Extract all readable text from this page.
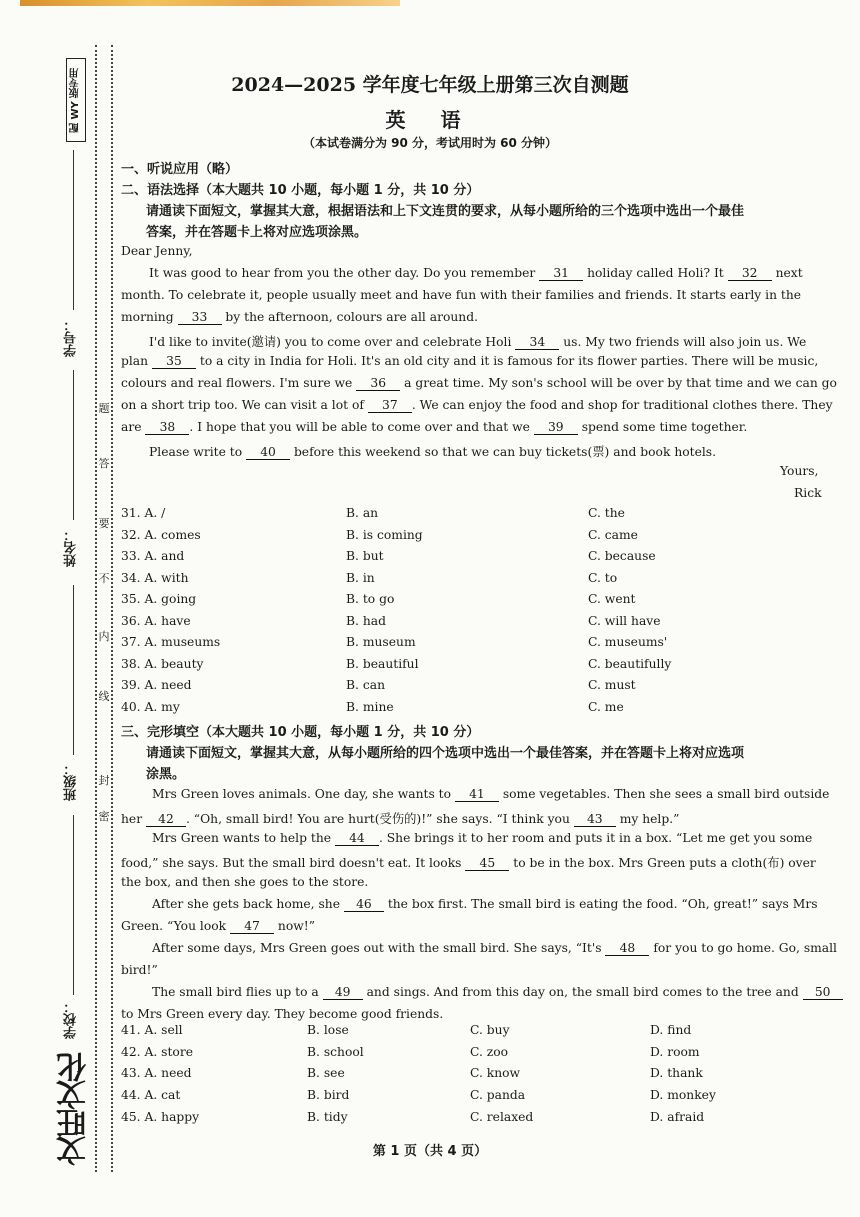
配 WY 版专用
学号：
姓名：
班级：
学校：
题
答
要
不
内
线
封
密
文旺文化
2024—2025 学年度七年级上册第三次自测题
英 语
（本试卷满分为 90 分，考试用时为 60 分钟）
一、听说应用（略）
二、语法选择（本大题共 10 小题，每小题 1 分，共 10 分）
请通读下面短文，掌握其大意，根据语法和上下文连贯的要求，从每小题所给的三个选项中选出一个最佳
答案，并在答题卡上将对应选项涂黑。
Dear Jenny,
It was good to hear from you the other day. Do you remember 31 holiday called Holi? It 32 next
month. To celebrate it, people usually meet and have fun with their families and friends. It starts early in the
morning 33 by the afternoon, colours are all around.
I'd like to invite(邀请) you to come over and celebrate Holi 34 us. My two friends will also join us. We
plan 35 to a city in India for Holi. It's an old city and it is famous for its flower parties. There will be music,
colours and real flowers. I'm sure we 36 a great time. My son's school will be over by that time and we can go
on a short trip too. We can visit a lot of 37 . We can enjoy the food and shop for traditional clothes there. They
are 38 . I hope that you will be able to come over and that we 39 spend some time together.
Please write to 40 before this weekend so that we can buy tickets(票) and book hotels.
Yours,
Rick
31. A. /	B. an	C. the
32. A. comes	B. is coming	C. came
33. A. and	B. but	C. because
34. A. with	B. in	C. to
35. A. going	B. to go	C. went
36. A. have	B. had	C. will have
37. A. museums	B. museum	C. museums'
38. A. beauty	B. beautiful	C. beautifully
39. A. need	B. can	C. must
40. A. my	B. mine	C. me
三、完形填空（本大题共 10 小题，每小题 1 分，共 10 分）
请通读下面短文，掌握其大意，从每小题所给的四个选项中选出一个最佳答案，并在答题卡上将对应选项
涂黑。
Mrs Green loves animals. One day, she wants to 41 some vegetables. Then she sees a small bird outside
her 42 . “Oh, small bird! You are hurt(受伤的)!” she says. “I think you 43 my help.”
Mrs Green wants to help the 44 . She brings it to her room and puts it in a box. “Let me get you some
food,” she says. But the small bird doesn't eat. It looks 45 to be in the box. Mrs Green puts a cloth(布) over
the box, and then she goes to the store.
After she gets back home, she 46 the box first. The small bird is eating the food. “Oh, great!” says Mrs
Green. “You look 47 now!”
After some days, Mrs Green goes out with the small bird. She says, “It's 48 for you to go home. Go, small
bird!”
The small bird flies up to a 49 and sings. And from this day on, the small bird comes to the tree and 50
to Mrs Green every day. They become good friends.
41. A. sell	B. lose	C. buy	D. find
42. A. store	B. school	C. zoo	D. room
43. A. need	B. see	C. know	D. thank
44. A. cat	B. bird	C. panda	D. monkey
45. A. happy	B. tidy	C. relaxed	D. afraid
第 1 页（共 4 页）
